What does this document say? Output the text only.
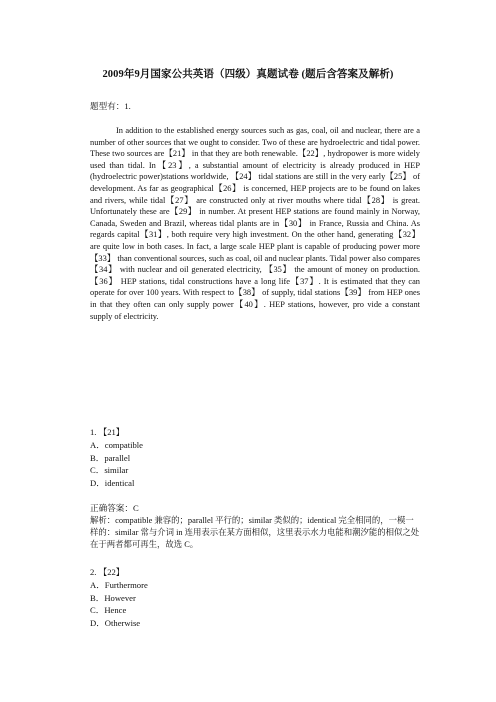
2009年9月国家公共英语（四级）真题试卷 (题后含答案及解析)
题型有：1.

In addition to the established energy sources such as gas, coal, oil and nuclear, there are a number of other sources that we ought to consider. Two of these are hydroelectric and tidal power. These two sources are【21】 in that they are both renewable.【22】, hydropower is more widely used than tidal. In【23】, a substantial amount of electricity is already produced in HEP (hydroelectric power)stations worldwide, 【24】 tidal stations are still in the very early【25】 of development. As far as geographical【26】 is concerned, HEP projects are to be found on lakes and rivers, while tidal【27】 are constructed only at river mouths where tidal【28】 is great. Unfortunately these are【29】 in number. At present HEP stations are found mainly in Norway, Canada, Sweden and Brazil, whereas tidal plants are in【30】 in France, Russia and China. As regards capital【31】, both require very high investment. On the other hand, generating【32】 are quite low in both cases. In fact, a large scale HEP plant is capable of producing power more【33】 than conventional sources, such as coal, oil and nuclear plants. Tidal power also compares【34】 with nuclear and oil generated electricity, 【35】 the amount of money on production. 【36】 HEP stations, tidal constructions have a long life【37】. It is estimated that they can operate for over 100 years. With respect to【38】 of supply, tidal stations【39】 from HEP ones in that they often can only supply power【40】. HEP stations, however, pro vide a constant supply of electricity.

1. 【21】
A．compatible
B．parallel
C．similar
D．identical
正确答案：C
解析：compatible 兼容的；parallel 平行的；similar 类似的；identical 完全相同的，一模一样的：similar 常与介词 in 连用表示在某方面相似，这里表示水力电能和潮汐能的相似之处在于两者都可再生，故选 C。
2. 【22】
A．Furthermore
B．However
C．Hence
D．Otherwise
